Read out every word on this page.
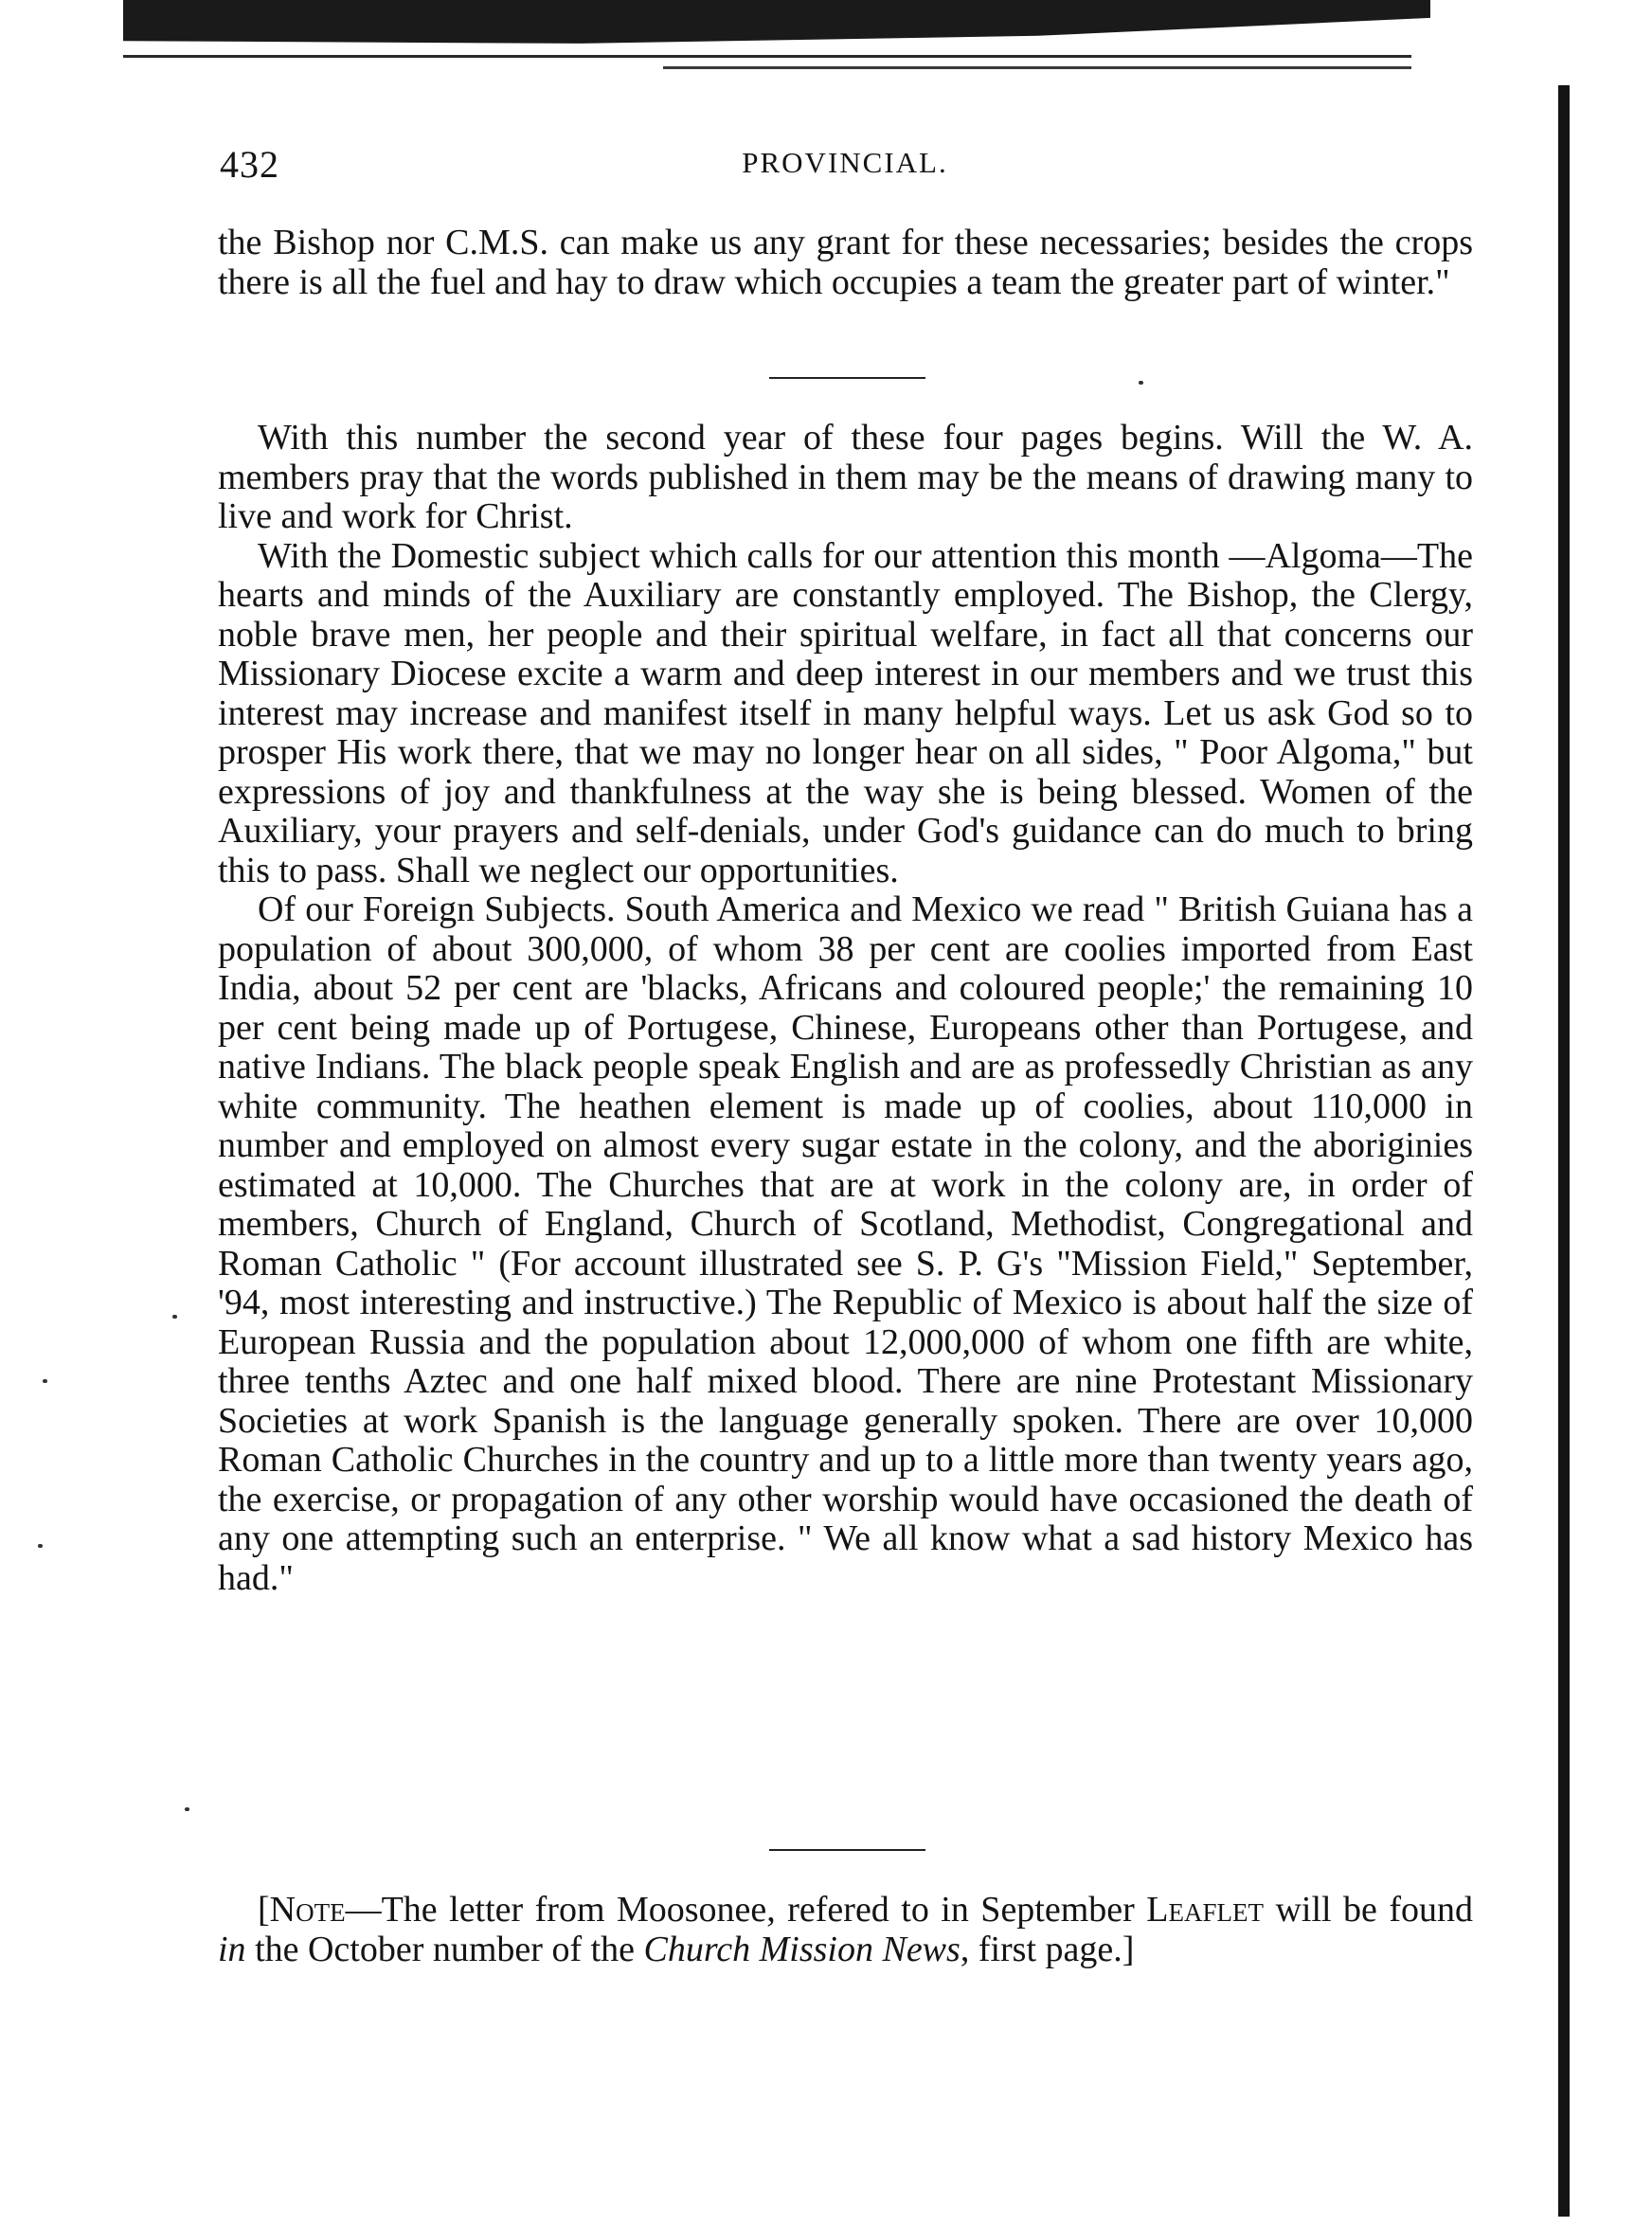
432	PROVINCIAL.

the Bishop nor C.M.S. can make us any grant for these necessaries; besides the crops there is all the fuel and hay to draw which occupies a team the greater part of winter."

With this number the second year of these four pages begins. Will the W. A. members pray that the words published in them may be the means of drawing many to live and work for Christ.

With the Domestic subject which calls for our attention this month —Algoma—The hearts and minds of the Auxiliary are constantly employed. The Bishop, the Clergy, noble brave men, her people and their spiritual welfare, in fact all that concerns our Missionary Diocese excite a warm and deep interest in our members and we trust this interest may increase and manifest itself in many helpful ways. Let us ask God so to prosper His work there, that we may no longer hear on all sides, " Poor Algoma," but expressions of joy and thankfulness at the way she is being blessed. Women of the Auxiliary, your prayers and self-denials, under God's guidance can do much to bring this to pass. Shall we neglect our opportunities.

Of our Foreign Subjects. South America and Mexico we read " British Guiana has a population of about 300,000, of whom 38 per cent are coolies imported from East India, about 52 per cent are 'blacks, Africans and coloured people;' the remaining 10 per cent being made up of Portugese, Chinese, Europeans other than Portugese, and native Indians. The black people speak English and are as professedly Christian as any white community. The heathen element is made up of coolies, about 110,000 in number and employed on almost every sugar estate in the colony, and the aboriginies estimated at 10,000. The Churches that are at work in the colony are, in order of members, Church of England, Church of Scotland, Methodist, Congregational and Roman Catholic " (For account illustrated see S. P. G's "Mission Field," September, '94, most interesting and instructive.) The Republic of Mexico is about half the size of European Russia and the population about 12,000,000 of whom one fifth are white, three tenths Aztec and one half mixed blood. There are nine Protestant Missionary Societies at work Spanish is the language generally spoken. There are over 10,000 Roman Catholic Churches in the country and up to a little more than twenty years ago, the exercise, or propagation of any other worship would have occasioned the death of any one attempting such an enterprise. " We all know what a sad history Mexico has had."

[Note—The letter from Moosonee, refered to in September Leaflet will be found in the October number of the Church Mission News, first page.]
